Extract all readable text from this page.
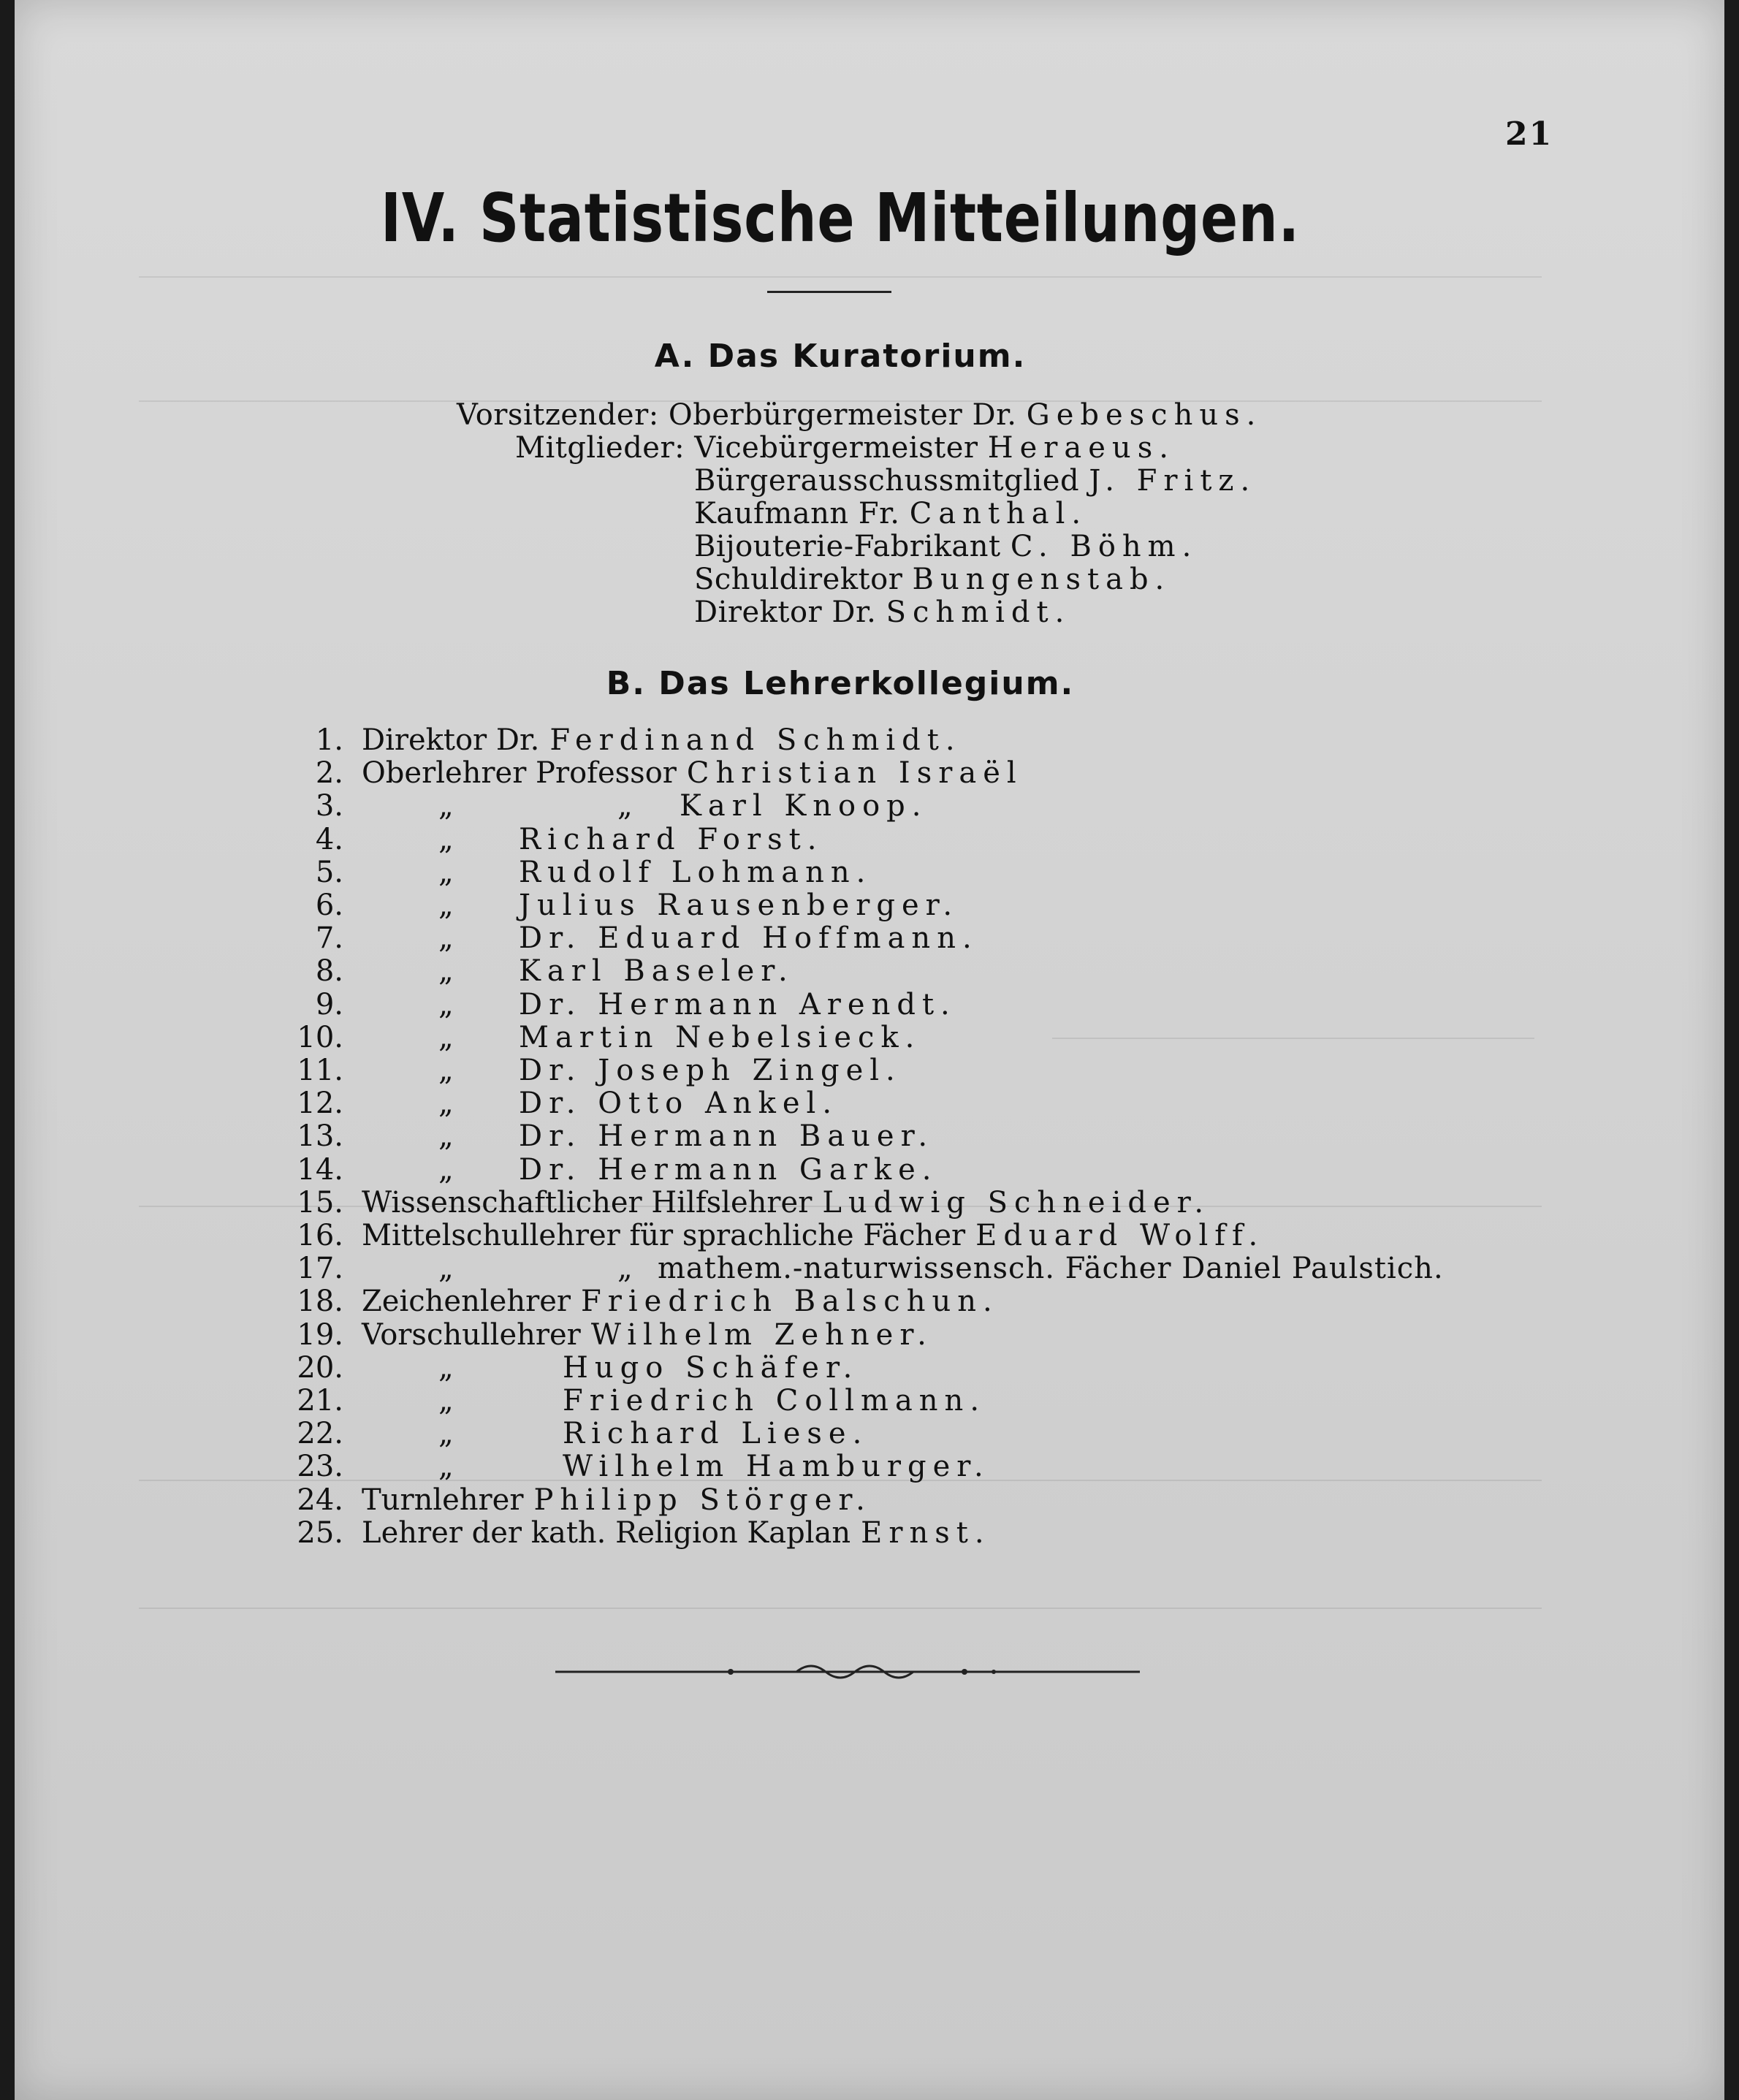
21
IV. Statistische Mitteilungen.
A. Das Kuratorium.
Vorsitzender: Oberbürgermeister Dr. Gebeschus.
Mitglieder: Vicebürgermeister Heraeus.
Bürgerausschussmitglied J. Fritz.
Kaufmann Fr. Canthal.
Bijouterie-Fabrikant C. Böhm.
Schuldirektor Bungenstab.
Direktor Dr. Schmidt.
B. Das Lehrerkollegium.
1. Direktor Dr. Ferdinand Schmidt.
2. Oberlehrer Professor Christian Israël
3.	„	„ Karl Knoop.
4.	„ Richard Forst.
5.	„ Rudolf Lohmann.
6.	„ Julius Rausenberger.
7.	„ Dr. Eduard Hoffmann.
8.	„ Karl Baseler.
9.	„ Dr. Hermann Arendt.
10.	„ Martin Nebelsieck.
11.	„ Dr. Joseph Zingel.
12.	„ Dr. Otto Ankel.
13.	„ Dr. Hermann Bauer.
14.	„ Dr. Hermann Garke.
15. Wissenschaftlicher Hilfslehrer Ludwig Schneider.
16. Mittelschullehrer für sprachliche Fächer Eduard Wolff.
17.	„	„ mathem.-naturwissensch. Fächer Daniel Paulstich.
18. Zeichenlehrer Friedrich Balschun.
19. Vorschullehrer Wilhelm Zehner.
20.	„	Hugo Schäfer.
21.	„	Friedrich Collmann.
22.	„	Richard Liese.
23.	„	Wilhelm Hamburger.
24. Turnlehrer Philipp Störger.
25. Lehrer der kath. Religion Kaplan Ernst.
